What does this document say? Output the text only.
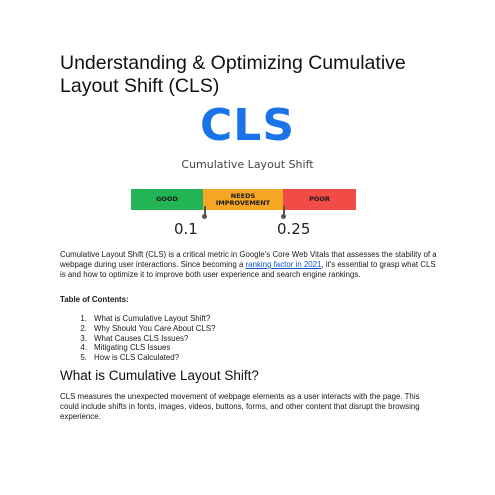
Understanding & Optimizing Cumulative Layout Shift (CLS)
CLS
Cumulative Layout Shift
GOOD	NEEDS IMPROVEMENT	POOR
0.1	0.25

Cumulative Layout Shift (CLS) is a critical metric in Google's Core Web Vitals that assesses the stability of a webpage during user interactions. Since becoming a ranking factor in 2021, it's essential to grasp what CLS is and how to optimize it to improve both user experience and search engine rankings.

Table of Contents:

1. What is Cumulative Layout Shift?
2. Why Should You Care About CLS?
3. What Causes CLS Issues?
4. Mitigating CLS Issues
5. How is CLS Calculated?
What is Cumulative Layout Shift?

CLS measures the unexpected movement of webpage elements as a user interacts with the page. This could include shifts in fonts, images, videos, buttons, forms, and other content that disrupt the browsing experience.
